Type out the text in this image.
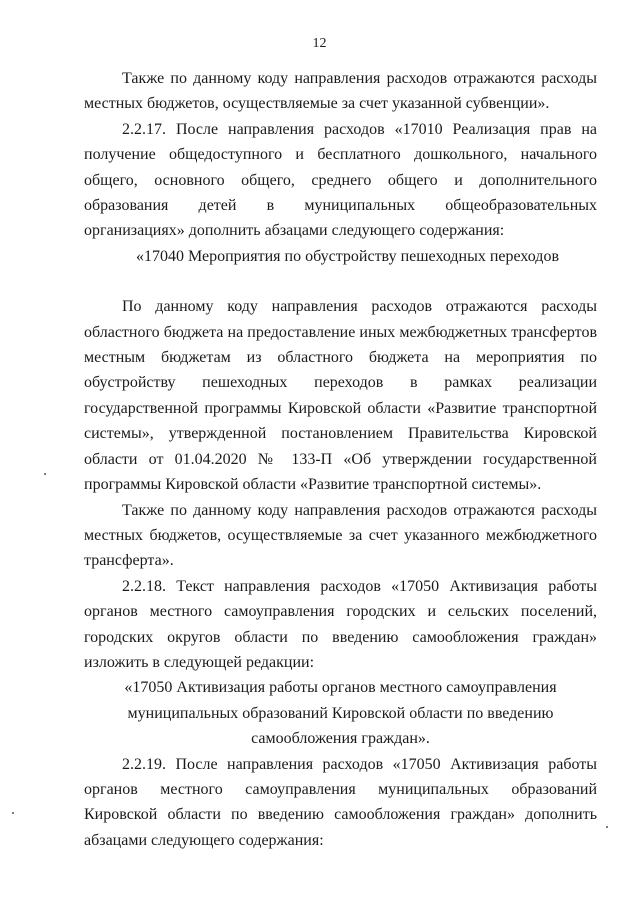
12

Также по данному коду направления расходов отражаются расходы местных бюджетов, осуществляемые за счет указанной субвенции».

2.2.17. После направления расходов «17010 Реализация прав на получение общедоступного и бесплатного дошкольного, начального общего, основного общего, среднего общего и дополнительного образования детей в муниципальных общеобразовательных организациях» дополнить абзацами следующего содержания:

«17040 Мероприятия по обустройству пешеходных переходов

По данному коду направления расходов отражаются расходы областного бюджета на предоставление иных межбюджетных трансфертов местным бюджетам из областного бюджета на мероприятия по обустройству пешеходных переходов в рамках реализации государственной программы Кировской области «Развитие транспортной системы», утвержденной постановлением Правительства Кировской области от 01.04.2020 № 133-П «Об утверждении государственной программы Кировской области «Развитие транспортной системы».

Также по данному коду направления расходов отражаются расходы местных бюджетов, осуществляемые за счет указанного межбюджетного трансферта».

2.2.18. Текст направления расходов «17050 Активизация работы органов местного самоуправления городских и сельских поселений, городских округов области по введению самообложения граждан» изложить в следующей редакции:

«17050 Активизация работы органов местного самоуправления муниципальных образований Кировской области по введению самообложения граждан».

2.2.19. После направления расходов «17050 Активизация работы органов местного самоуправления муниципальных образований Кировской области по введению самообложения граждан» дополнить абзацами следующего содержания:
